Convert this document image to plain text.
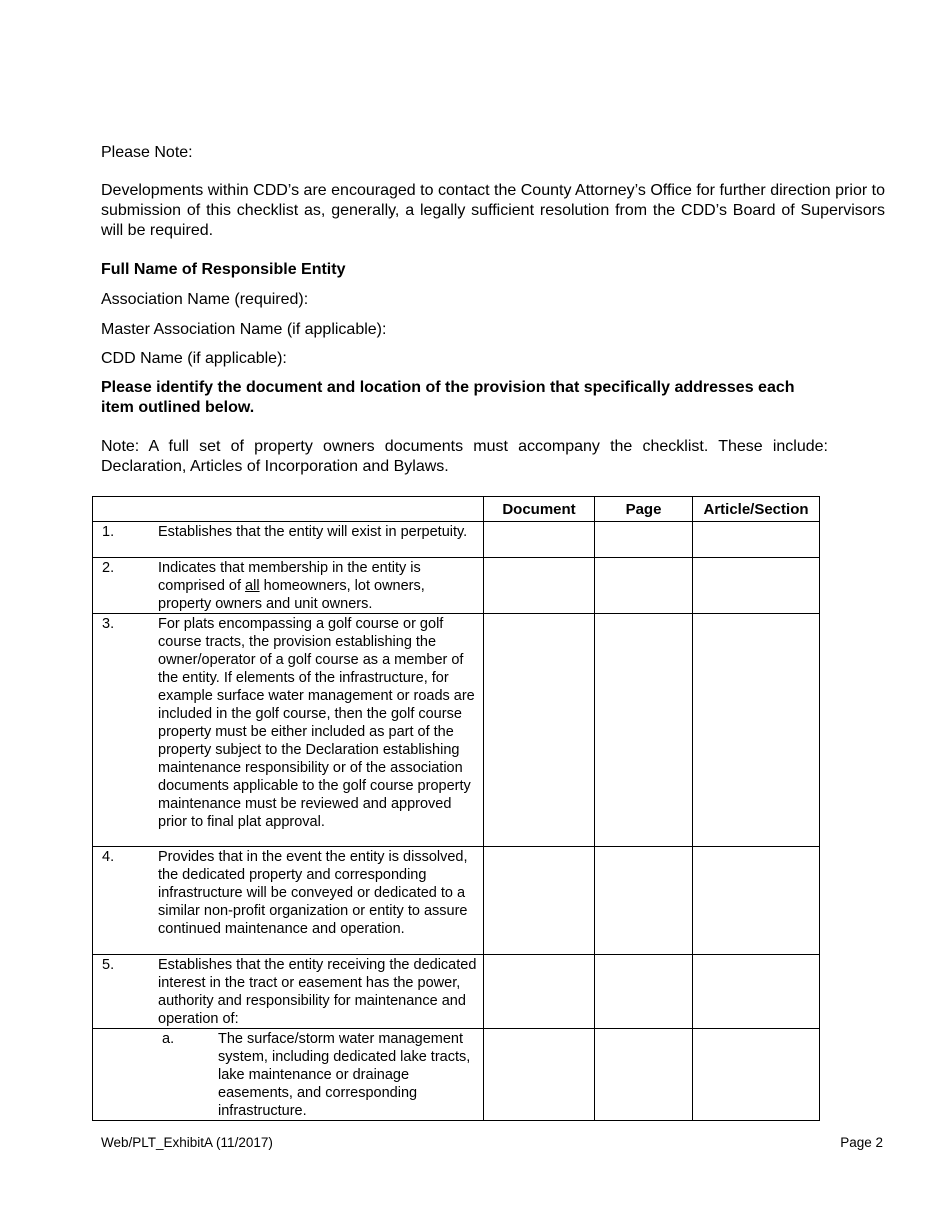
Please Note:

Developments within CDD’s are encouraged to contact the County Attorney’s Office for further direction prior to submission of this checklist as, generally, a legally sufficient resolution from the CDD’s Board of Supervisors will be required.

Full Name of Responsible Entity

Association Name (required):

Master Association Name (if applicable):

CDD Name (if applicable):

Please identify the document and location of the provision that specifically addresses each item outlined below.

Note: A full set of property owners documents must accompany the checklist. These include: Declaration, Articles of Incorporation and Bylaws.

	Document	Page	Article/Section

1. Establishes that the entity will exist in perpetuity.			

2. Indicates that membership in the entity is comprised of all homeowners, lot owners, property owners and unit owners.			

3. For plats encompassing a golf course or golf course tracts, the provision establishing the owner/operator of a golf course as a member of the entity. If elements of the infrastructure, for example surface water management or roads are included in the golf course, then the golf course property must be either included as part of the property subject to the Declaration establishing maintenance responsibility or of the association documents applicable to the golf course property maintenance must be reviewed and approved prior to final plat approval.			

4. Provides that in the event the entity is dissolved, the dedicated property and corresponding infrastructure will be conveyed or dedicated to a similar non-profit organization or entity to assure continued maintenance and operation.			

5. Establishes that the entity receiving the dedicated interest in the tract or easement has the power, authority and responsibility for maintenance and operation of:			

a. The surface/storm water management system, including dedicated lake tracts, lake maintenance or drainage easements, and corresponding infrastructure.			

Web/PLT_ExhibitA (11/2017)	Page 2
